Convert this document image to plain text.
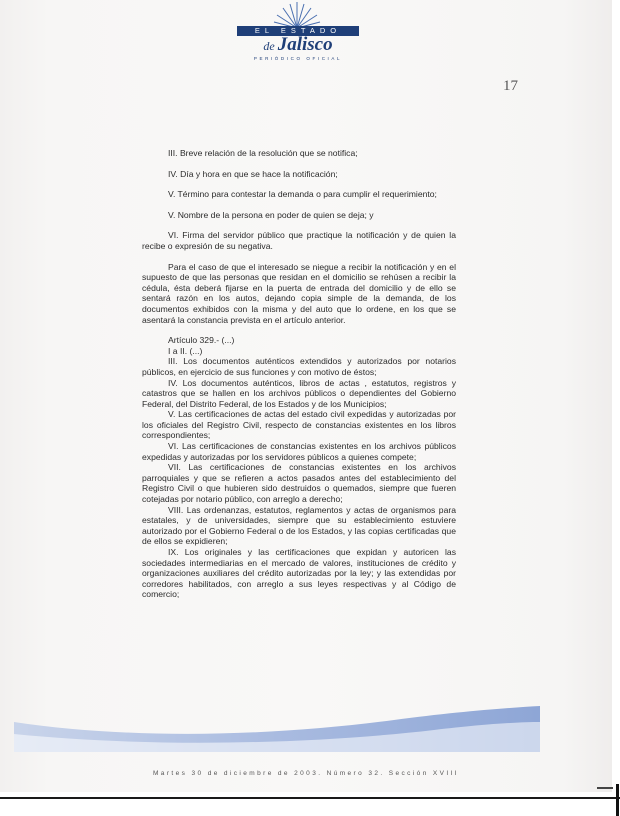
EL ESTADO
de Jalisco
PERIÓDICO OFICIAL
17

III. Breve relación de la resolución que se notifica;

IV. Día y hora en que se hace la notificación;

V. Término para contestar la demanda o para cumplir el requerimiento;

V. Nombre de la persona en poder de quien se deja; y

VI. Firma del servidor público que practique la notificación y de quien la recibe o expresión de su negativa.

Para el caso de que el interesado se niegue a recibir la notificación y en el supuesto de que las personas que residan en el domicilio se rehúsen a recibir la cédula, ésta deberá fijarse en la puerta de entrada del domicilio y de ello se sentará razón en los autos, dejando copia simple de la demanda, de los documentos exhibidos con la misma y del auto que lo ordene, en los que se asentará la constancia prevista en el artículo anterior.

Artículo 329.- (...)

I a II. (...)

III. Los documentos auténticos extendidos y autorizados por notarios públicos, en ejercicio de sus funciones y con motivo de éstos;

IV. Los documentos auténticos, libros de actas , estatutos, registros y catastros que se hallen en los archivos públicos o dependientes del Gobierno Federal, del Distrito Federal, de los Estados y de los Municipios;

V. Las certificaciones de actas del estado civil expedidas y autorizadas por los oficiales del Registro Civil, respecto de constancias existentes en los libros correspondientes;

VI. Las certificaciones de constancias existentes en los archivos públicos expedidas y autorizadas por los servidores públicos a quienes compete;

VII. Las certificaciones de constancias existentes en los archivos parroquiales y que se refieren a actos pasados antes del establecimiento del Registro Civil o que hubieren sido destruidos o quemados, siempre que fueren cotejadas por notario público, con arreglo a derecho;

VIII. Las ordenanzas, estatutos, reglamentos y actas de organismos para estatales, y de universidades, siempre que su establecimiento estuviere autorizado por el Gobierno Federal o de los Estados, y las copias certificadas que de ellos se expidieren;

IX. Los originales y las certificaciones que expidan y autoricen las sociedades intermediarias en el mercado de valores, instituciones de crédito y organizaciones auxiliares del crédito autorizadas por la ley; y las extendidas por corredores habilitados, con arreglo a sus leyes respectivas y al Código de comercio;

Martes 30 de diciembre de 2003. Número 32. Sección XVIII
